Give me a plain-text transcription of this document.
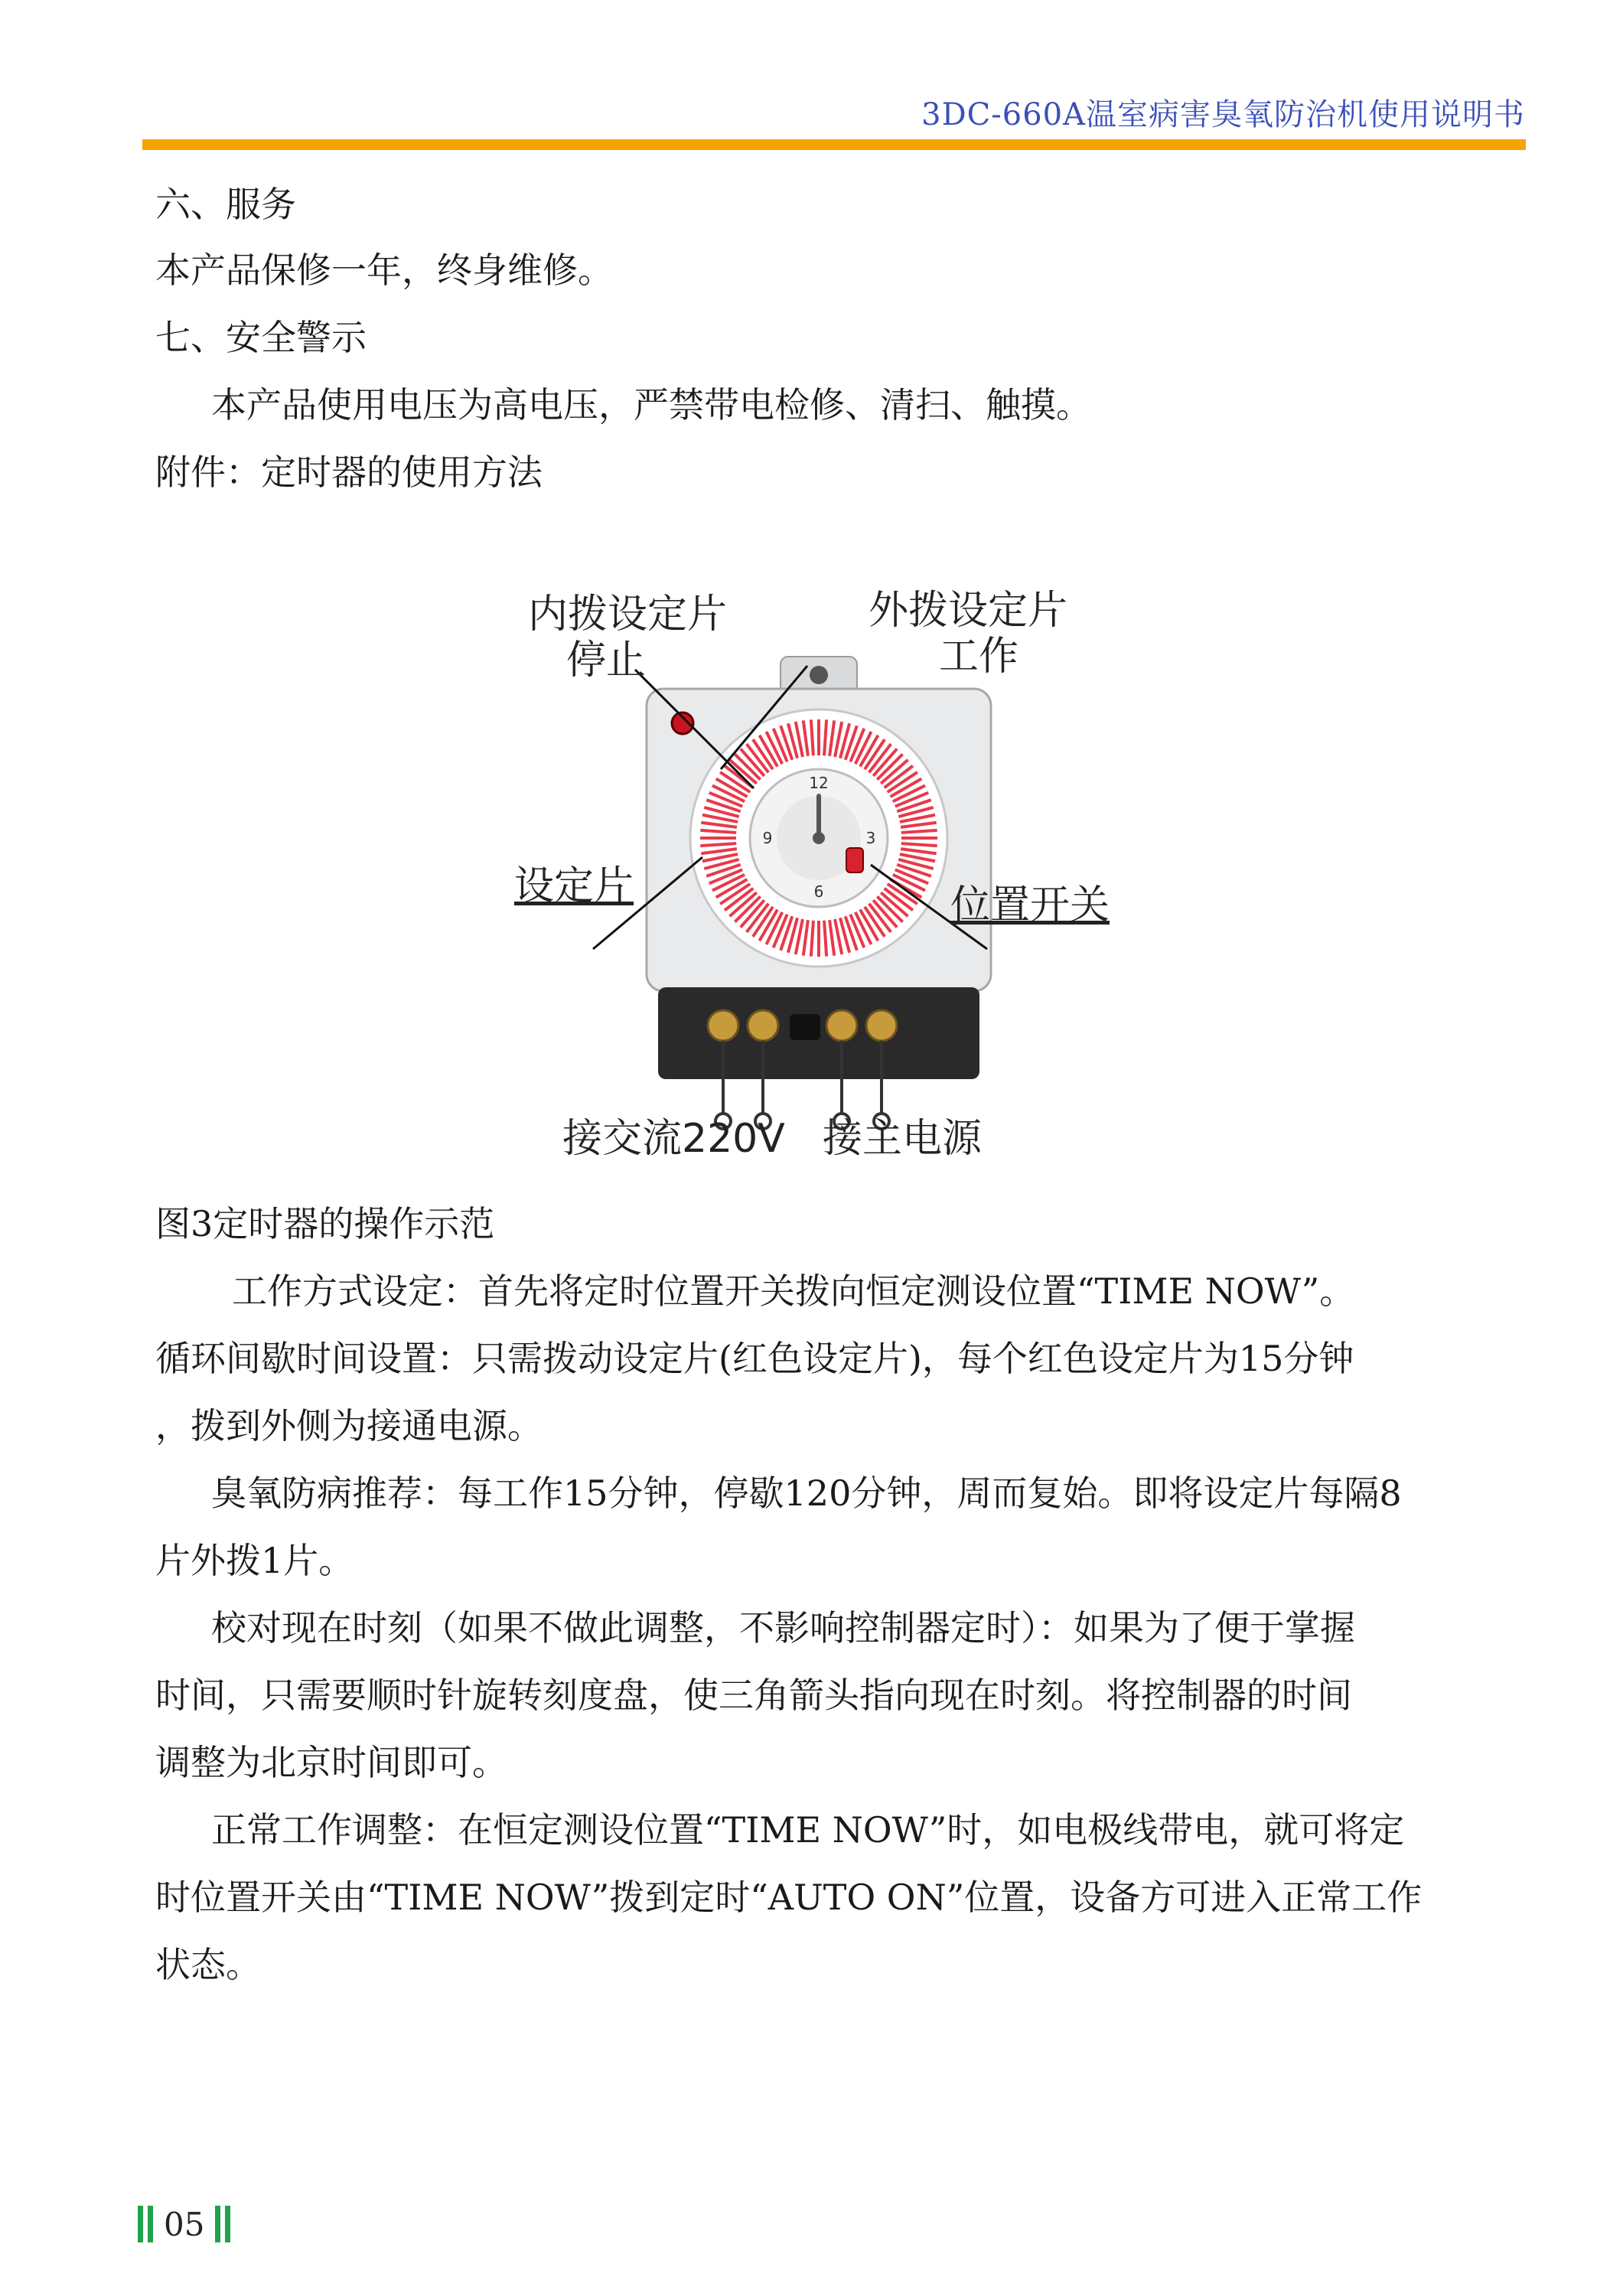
3DC-660A温室病害臭氧防治机使用说明书
六、服务
本产品保修一年，终身维修。
七、安全警示
本产品使用电压为高电压，严禁带电检修、清扫、触摸。
附件：定时器的使用方法
12
3
6
9
内拨设定片
停止
外拨设定片
工作
设定片	位置开关
接交流220V 接主电源
图3定时器的操作示范
工作方式设定：首先将定时位置开关拨向恒定测设位置“TIME NOW”。
循环间歇时间设置：只需拨动设定片(红色设定片)，每个红色设定片为15分钟
，拨到外侧为接通电源。
臭氧防病推荐：每工作15分钟，停歇120分钟，周而复始。即将设定片每隔8
片外拨1片。
校对现在时刻（如果不做此调整，不影响控制器定时）：如果为了便于掌握
时间，只需要顺时针旋转刻度盘，使三角箭头指向现在时刻。将控制器的时间
调整为北京时间即可。
正常工作调整：在恒定测设位置“TIME NOW”时，如电极线带电，就可将定
时位置开关由“TIME NOW”拨到定时“AUTO ON”位置，设备方可进入正常工作
状态。
05
